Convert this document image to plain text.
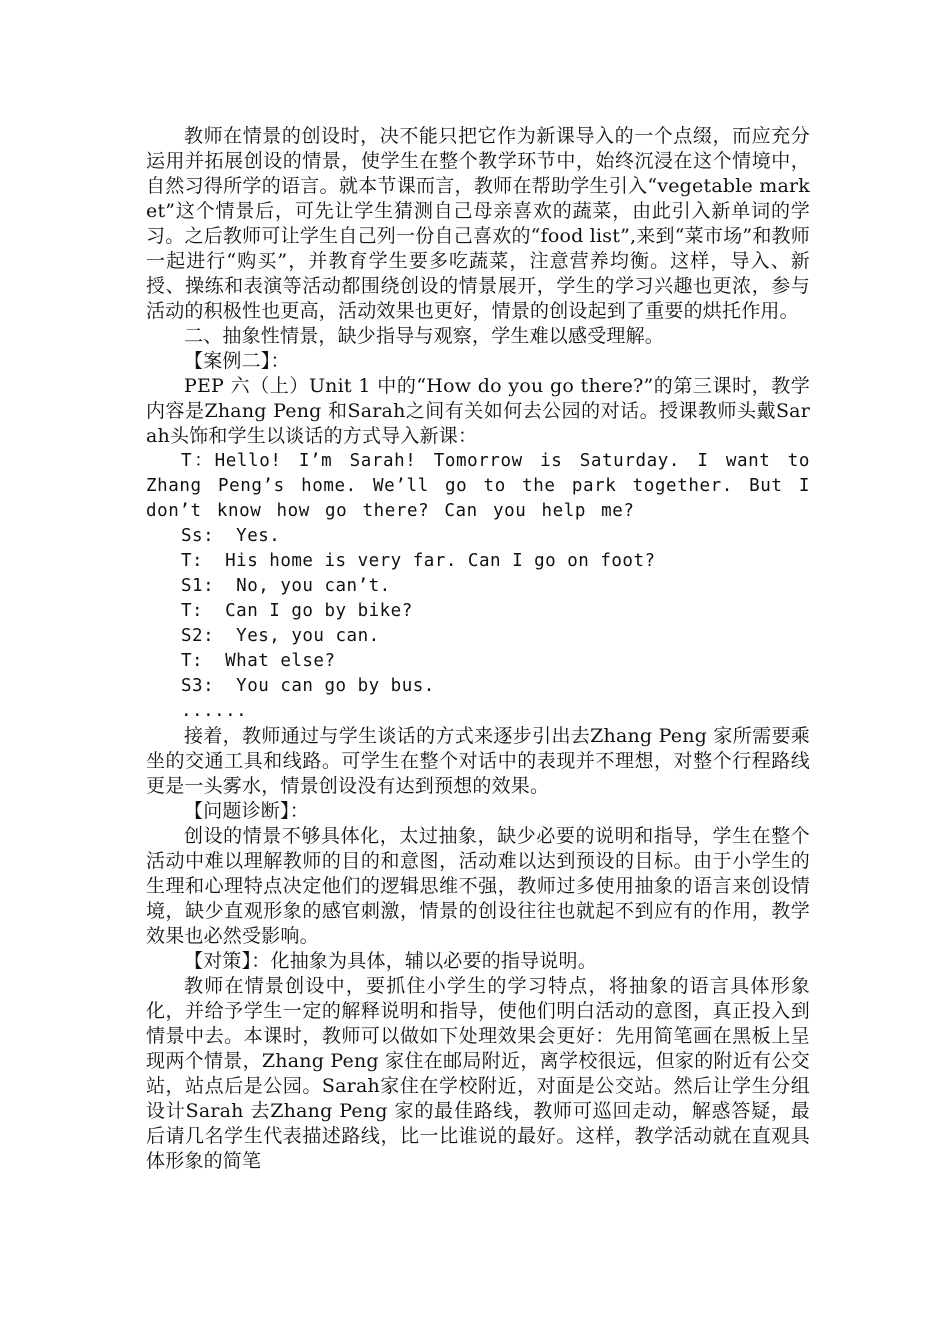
教师在情景的创设时，决不能只把它作为新课导入的一个点缀，而应充分运用并拓展创设的情景，使学生在整个教学环节中，始终沉浸在这个情境中，自然习得所学的语言。就本节课而言，教师在帮助学生引入“vegetable market”这个情景后，可先让学生猜测自己母亲喜欢的蔬菜，由此引入新单词的学习。之后教师可让学生自己列一份自己喜欢的“food list”,来到“菜市场”和教师一起进行“购买”，并教育学生要多吃蔬菜，注意营养均衡。这样，导入、新授、操练和表演等活动都围绕创设的情景展开，学生的学习兴趣也更浓，参与活动的积极性也更高，活动效果也更好，情景的创设起到了重要的烘托作用。

二、抽象性情景，缺少指导与观察，学生难以感受理解。

【案例二】：

PEP 六（上）Unit 1 中的“How do you go there?”的第三课时，教学内容是Zhang Peng 和Sarah之间有关如何去公园的对话。授课教师头戴Sarah头饰和学生以谈话的方式导入新课：

T：Hello! I’m Sarah! Tomorrow is Saturday. I want to Zhang Peng’s home. We’ll go to the park together. But I don’t know how go there? Can you help me?

Ss:  Yes.

T:  His home is very far. Can I go on foot?

S1:  No, you can’t.

T:  Can I go by bike?

S2:  Yes, you can.

T:  What else?

S3:  You can go by bus.

......

接着，教师通过与学生谈话的方式来逐步引出去Zhang Peng 家所需要乘坐的交通工具和线路。可学生在整个对话中的表现并不理想，对整个行程路线更是一头雾水，情景创设没有达到预想的效果。

【问题诊断】：

创设的情景不够具体化，太过抽象，缺少必要的说明和指导，学生在整个活动中难以理解教师的目的和意图，活动难以达到预设的目标。由于小学生的生理和心理特点决定他们的逻辑思维不强，教师过多使用抽象的语言来创设情境，缺少直观形象的感官刺激，情景的创设往往也就起不到应有的作用，教学效果也必然受影响。

【对策】：化抽象为具体，辅以必要的指导说明。

教师在情景创设中，要抓住小学生的学习特点，将抽象的语言具体形象化，并给予学生一定的解释说明和指导，使他们明白活动的意图，真正投入到情景中去。本课时，教师可以做如下处理效果会更好：先用简笔画在黑板上呈现两个情景，Zhang Peng 家住在邮局附近，离学校很远，但家的附近有公交站，站点后是公园。Sarah家住在学校附近，对面是公交站。然后让学生分组设计Sarah 去Zhang Peng 家的最佳路线，教师可巡回走动，解惑答疑，最后请几名学生代表描述路线，比一比谁说的最好。这样，教学活动就在直观具体形象的简笔
